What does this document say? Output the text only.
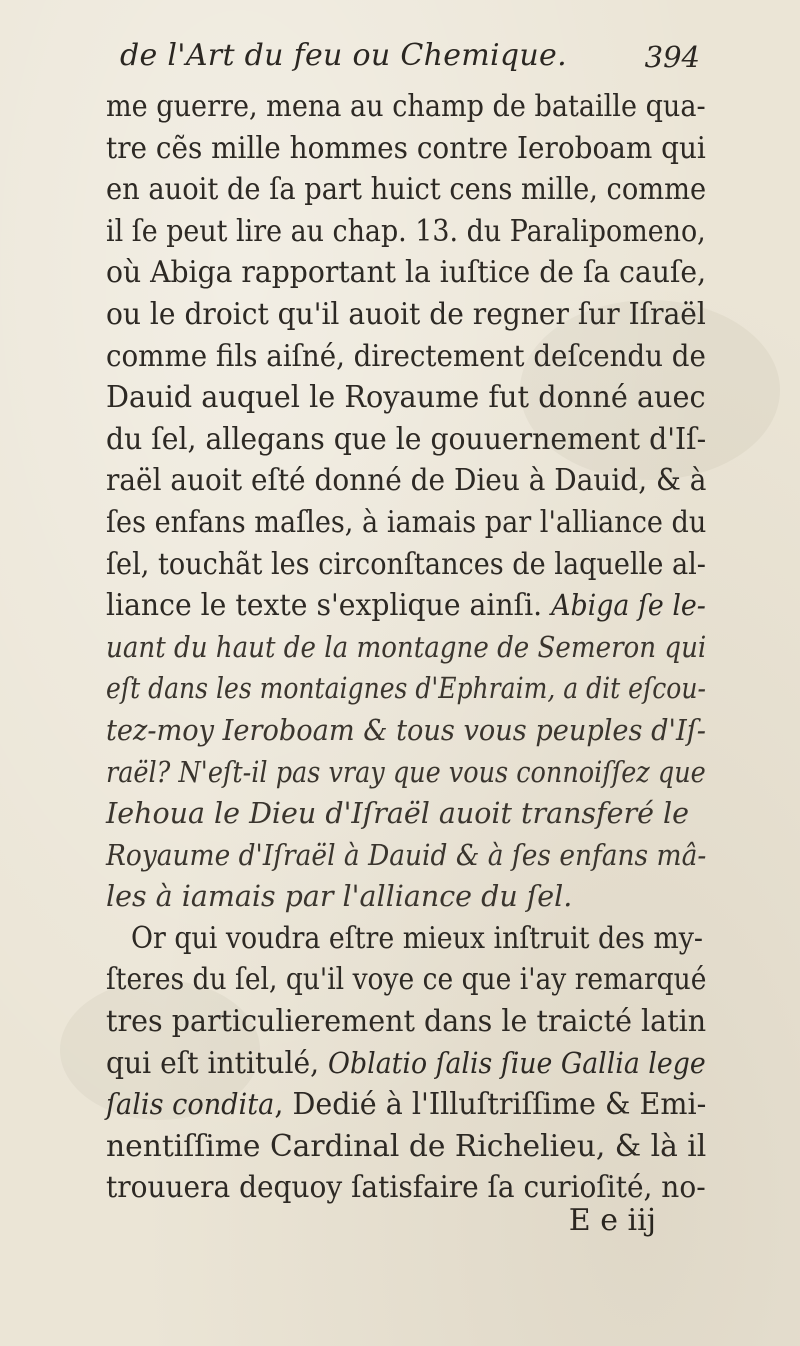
de l'Art du feu ou Chemique.	394
me guerre, mena au champ de bataille qua-
tre cẽs mille hommes contre Ieroboam qui
en auoit de ſa part huict cens mille, comme
il ſe peut lire au chap. 13. du Paralipomeno,
où Abiga rapportant la iuſtice de ſa cauſe,
ou le droict qu'il auoit de regner ſur Iſraël
comme fils aiſné, directement deſcendu de
Dauid auquel le Royaume fut donné auec
du ſel, allegans que le gouuernement d'Iſ-
raël auoit eſté donné de Dieu à Dauid, & à
ſes enfans maſles, à iamais par l'alliance du
ſel, touchãt les circonſtances de laquelle al-
liance le texte s'explique ainſi. Abiga ſe le-
uant du haut de la montagne de Semeron qui
eſt dans les montaignes d'Ephraim, a dit eſcou-
tez-moy Ieroboam & tous vous peuples d'Iſ-
raël? N'eſt-il pas vray que vous connoiſſez que
Iehoua le Dieu d'Iſraël auoit transferé le
Royaume d'Iſraël à Dauid & à ſes enfans mâ-
les à iamais par l'alliance du ſel.
Or qui voudra eſtre mieux inſtruit des my-
ſteres du ſel, qu'il voye ce que i'ay remarqué
tres particulierement dans le traicté latin
qui eſt intitulé, Oblatio ſalis ſiue Gallia lege
ſalis condita, Dedié à l'Illuſtriſſime & Emi-
nentiſſime Cardinal de Richelieu, & là il
trouuera dequoy ſatisfaire ſa curioſité, no-
E e iij
